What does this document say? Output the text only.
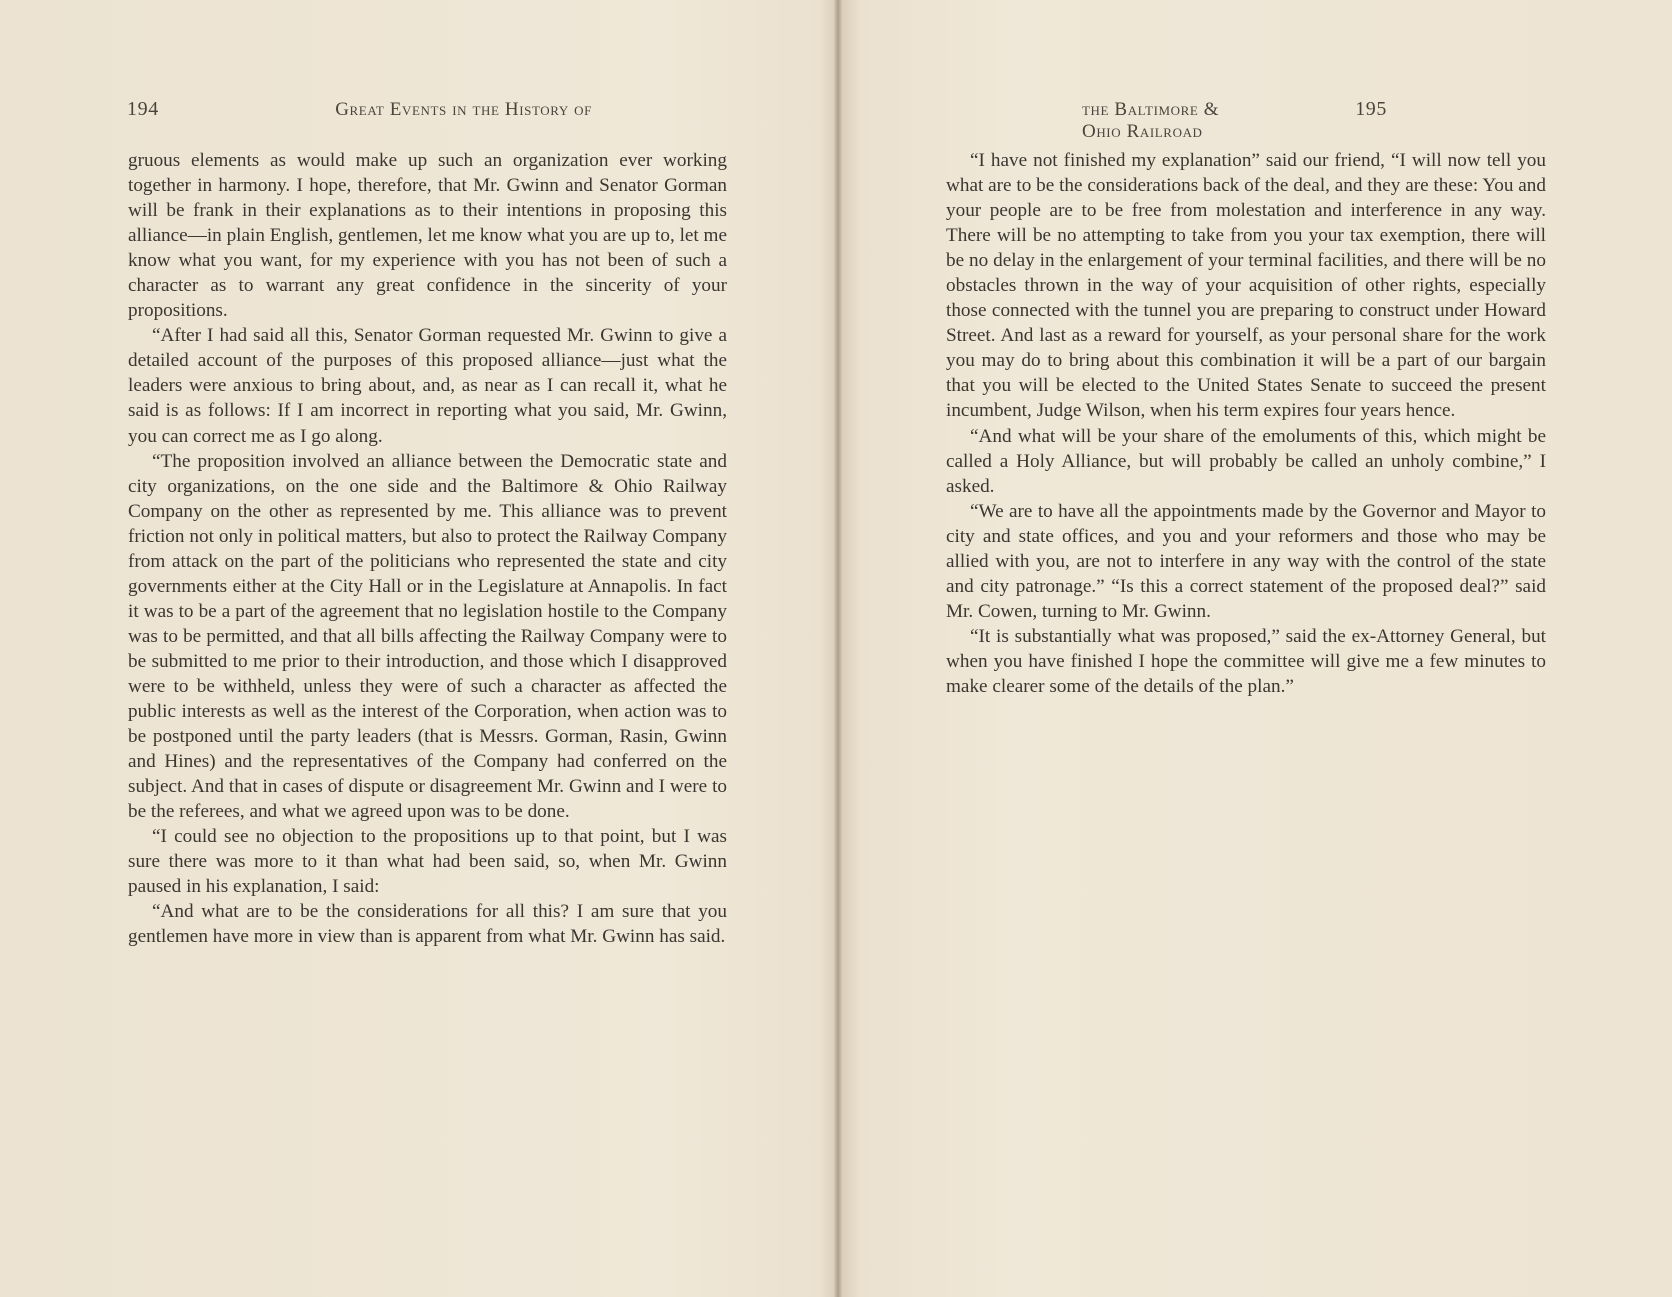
194	Great Events in the History of

gruous elements as would make up such an organization ever working together in harmony. I hope, therefore, that Mr. Gwinn and Senator Gorman will be frank in their explanations as to their intentions in proposing this alliance—in plain English, gentlemen, let me know what you are up to, let me know what you want, for my experience with you has not been of such a character as to warrant any great confidence in the sincerity of your propositions.

“After I had said all this, Senator Gorman requested Mr. Gwinn to give a detailed account of the purposes of this proposed alliance—just what the leaders were anxious to bring about, and, as near as I can recall it, what he said is as follows: If I am incorrect in reporting what you said, Mr. Gwinn, you can correct me as I go along.

“The proposition involved an alliance between the Democratic state and city organizations, on the one side and the Baltimore & Ohio Railway Company on the other as represented by me. This alliance was to prevent friction not only in political matters, but also to protect the Railway Company from attack on the part of the politicians who represented the state and city governments either at the City Hall or in the Legislature at Annapolis. In fact it was to be a part of the agreement that no legislation hostile to the Company was to be permitted, and that all bills affecting the Railway Company were to be submitted to me prior to their introduction, and those which I disapproved were to be withheld, unless they were of such a character as affected the public interests as well as the interest of the Corporation, when action was to be postponed until the party leaders (that is Messrs. Gorman, Rasin, Gwinn and Hines) and the representatives of the Company had conferred on the subject. And that in cases of dispute or disagreement Mr. Gwinn and I were to be the referees, and what we agreed upon was to be done.

“I could see no objection to the propositions up to that point, but I was sure there was more to it than what had been said, so, when Mr. Gwinn paused in his explanation, I said:

“And what are to be the considerations for all this? I am sure that you gentlemen have more in view than is apparent from what Mr. Gwinn has said.

the Baltimore & Ohio Railroad
195

“I have not finished my explanation” said our friend, “I will now tell you what are to be the considerations back of the deal, and they are these: You and your people are to be free from molestation and interference in any way. There will be no attempting to take from you your tax exemption, there will be no delay in the enlargement of your terminal facilities, and there will be no obstacles thrown in the way of your acquisition of other rights, especially those connected with the tunnel you are preparing to construct under Howard Street. And last as a reward for yourself, as your personal share for the work you may do to bring about this combination it will be a part of our bargain that you will be elected to the United States Senate to succeed the present incumbent, Judge Wilson, when his term expires four years hence.

“And what will be your share of the emoluments of this, which might be called a Holy Alliance, but will probably be called an unholy combine,” I asked.

“We are to have all the appointments made by the Governor and Mayor to city and state offices, and you and your reformers and those who may be allied with you, are not to interfere in any way with the control of the state and city patronage.” “Is this a correct statement of the proposed deal?” said Mr. Cowen, turning to Mr. Gwinn.

“It is substantially what was proposed,” said the ex-Attorney General, but when you have finished I hope the committee will give me a few minutes to make clearer some of the details of the plan.”
